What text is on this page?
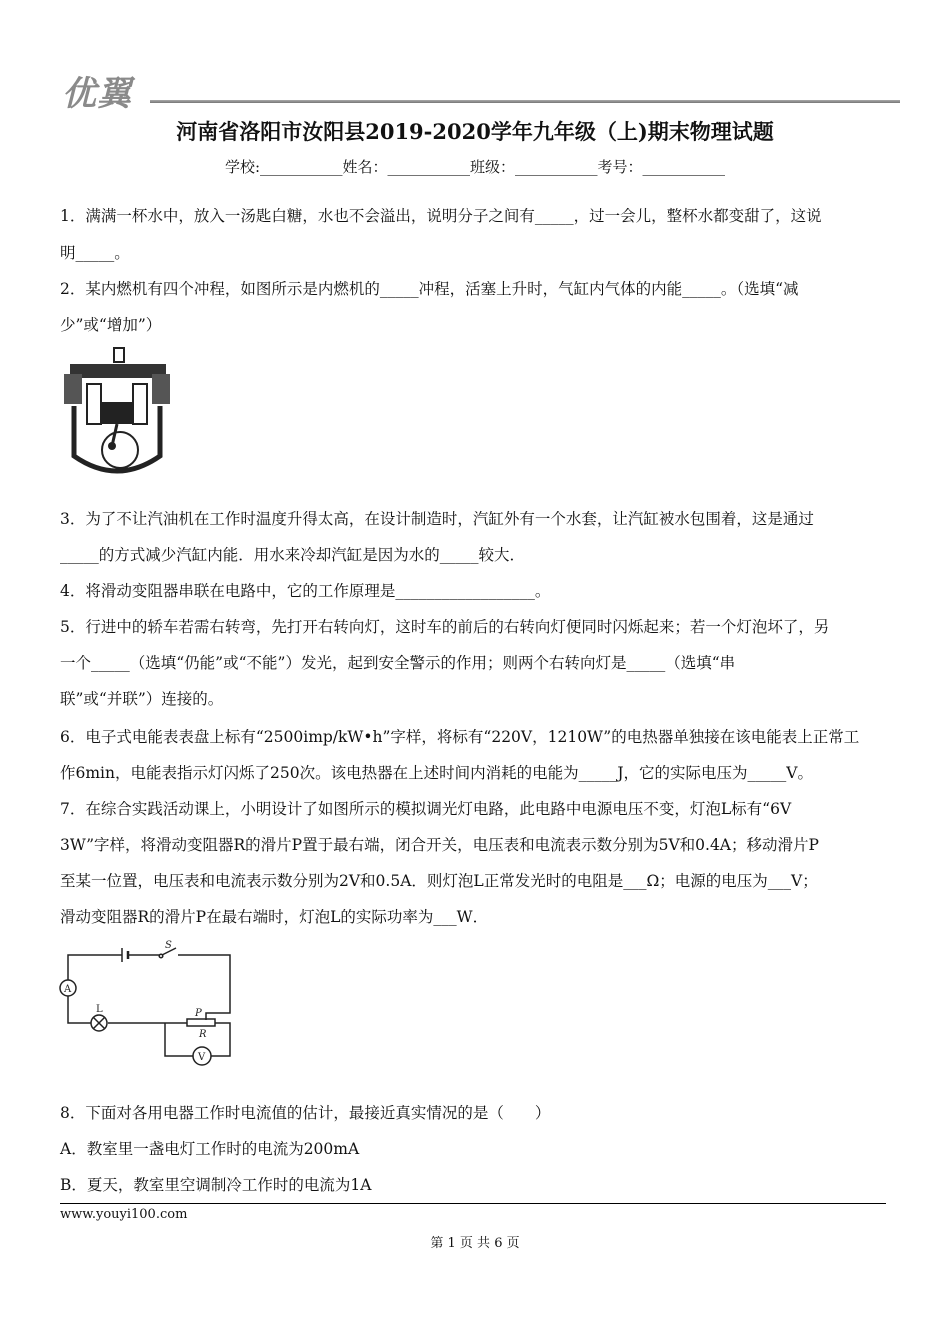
优翼
河南省洛阳市汝阳县2019-2020学年九年级（上)期末物理试题
学校:___________姓名：___________班级：___________考号：___________
1．满满一杯水中，放入一汤匙白糖，水也不会溢出，说明分子之间有_____，过一会儿，整杯水都变甜了，这说
明_____。
2．某内燃机有四个冲程，如图所示是内燃机的_____冲程，活塞上升时，气缸内气体的内能_____。（选填“减
少”或“增加”）
3．为了不让汽油机在工作时温度升得太高，在设计制造时，汽缸外有一个水套，让汽缸被水包围着，这是通过
_____的方式减少汽缸内能．用水来冷却汽缸是因为水的_____较大．
4．将滑动变阻器串联在电路中，它的工作原理是__________________。
5．行进中的轿车若需右转弯，先打开右转向灯，这时车的前后的右转向灯便同时闪烁起来；若一个灯泡坏了，另
一个_____（选填“仍能”或“不能”）发光，起到安全警示的作用；则两个右转向灯是_____（选填“串
联”或“并联”）连接的。
6．电子式电能表表盘上标有“2500imp/kW•h”字样，将标有“220V，1210W”的电热器单独接在该电能表上正常工
作6min，电能表指示灯闪烁了250次。该电热器在上述时间内消耗的电能为_____J，它的实际电压为_____V。
7．在综合实践活动课上，小明设计了如图所示的模拟调光灯电路，此电路中电源电压不变，灯泡L标有“6V
3W”字样，将滑动变阻器R的滑片P置于最右端，闭合开关，电压表和电流表示数分别为5V和0.4A；移动滑片P
至某一位置，电压表和电流表示数分别为2V和0.5A．则灯泡L正常发光时的电阻是___Ω；电源的电压为___V；
滑动变阻器R的滑片P在最右端时，灯泡L的实际功率为___W．
A
S
L	P
R
V
8．下面对各用电器工作时电流值的估计，最接近真实情况的是（　　）
A．教室里一盏电灯工作时的电流为200mA
B．夏天，教室里空调制冷工作时的电流为1A
www.youyi100.com
第 1 页 共 6 页
